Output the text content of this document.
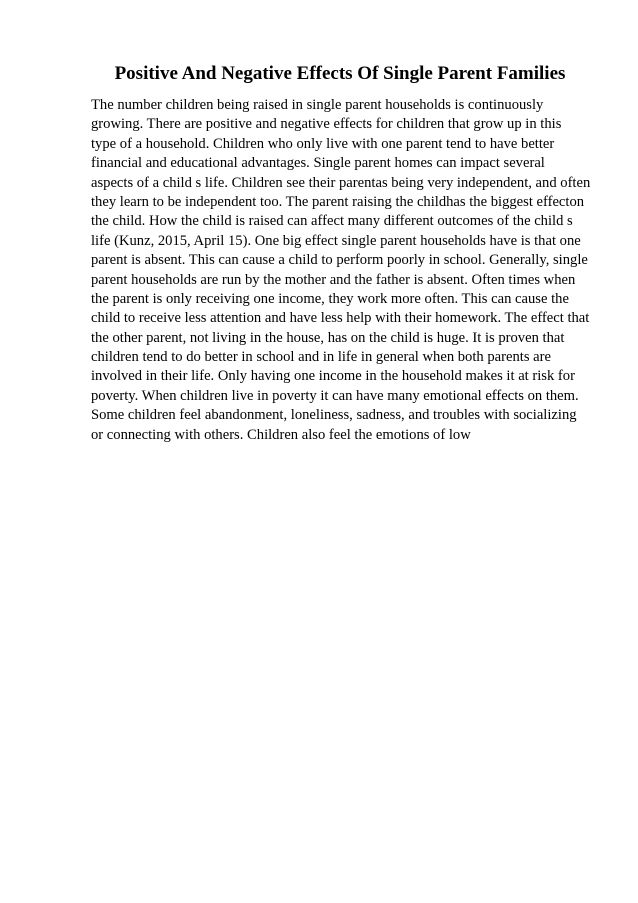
Positive And Negative Effects Of Single Parent Families
The number children being raised in single parent households is continuously
growing. There are positive and negative effects for children that grow up in this
type of a household. Children who only live with one parent tend to have better
financial and educational advantages. Single parent homes can impact several
aspects of a child s life. Children see their parentas being very independent, and often
they learn to be independent too. The parent raising the childhas the biggest effecton
the child. How the child is raised can affect many different outcomes of the child s
life (Kunz, 2015, April 15). One big effect single parent households have is that one
parent is absent. This can cause a child to perform poorly in school. Generally, single
parent households are run by the mother and the father is absent. Often times when
the parent is only receiving one income, they work more often. This can cause the
child to receive less attention and have less help with their homework. The effect that
the other parent, not living in the house, has on the child is huge. It is proven that
children tend to do better in school and in life in general when both parents are
involved in their life. Only having one income in the household makes it at risk for
poverty. When children live in poverty it can have many emotional effects on them.
Some children feel abandonment, loneliness, sadness, and troubles with socializing
or connecting with others. Children also feel the emotions of low
